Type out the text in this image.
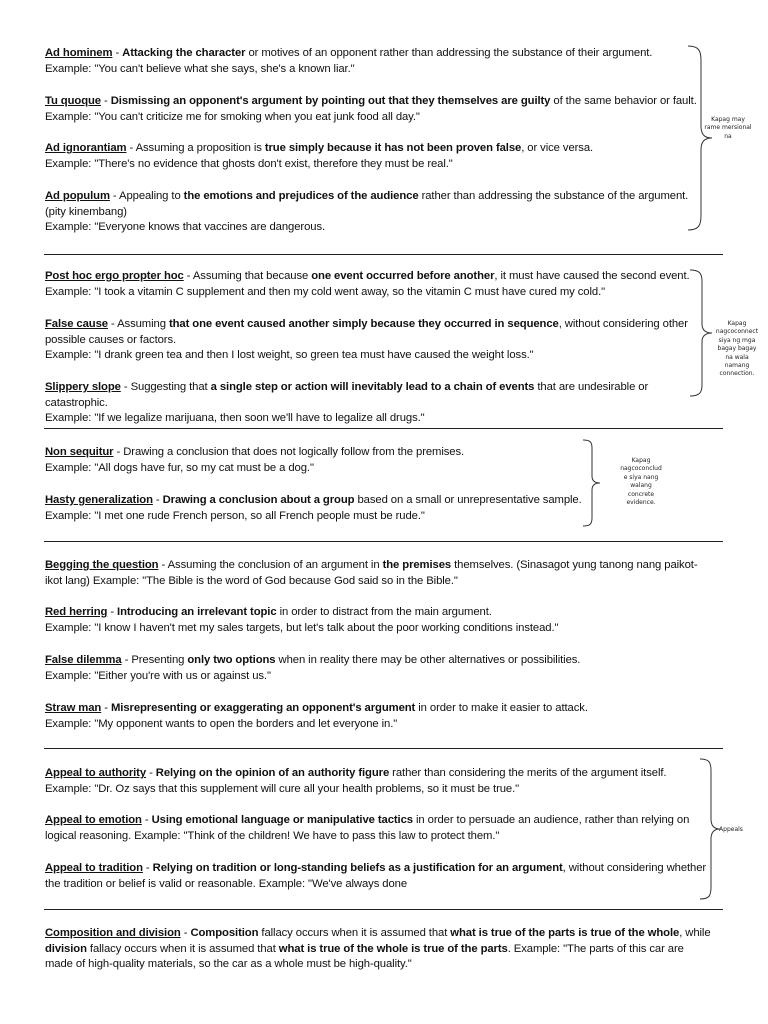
Ad hominem - Attacking the character or motives of an opponent rather than addressing the substance of their argument.

Example: "You can't believe what she says, she's a known liar."

Tu quoque - Dismissing an opponent's argument by pointing out that they themselves are guilty of the same behavior or fault.

Example: "You can't criticize me for smoking when you eat junk food all day."

Ad ignorantiam - Assuming a proposition is true simply because it has not been proven false, or vice versa.

Example: "There's no evidence that ghosts don't exist, therefore they must be real."

Ad populum - Appealing to the emotions and prejudices of the audience rather than addressing the substance of the argument.

(pity kinembang)

Example: "Everyone knows that vaccines are dangerous.

Kapag may
rame mersional
na

Post hoc ergo propter hoc - Assuming that because one event occurred before another, it must have caused the second event.

Example: "I took a vitamin C supplement and then my cold went away, so the vitamin C must have cured my cold."

False cause - Assuming that one event caused another simply because they occurred in sequence, without considering other possible causes or factors.

Example: "I drank green tea and then I lost weight, so green tea must have caused the weight loss."

Slippery slope - Suggesting that a single step or action will inevitably lead to a chain of events that are undesirable or catastrophic.

Example: "If we legalize marijuana, then soon we'll have to legalize all drugs."

Kapag
nagcoconnect
siya ng mga
bagay bagay
na wala
namang
connection.

Non sequitur - Drawing a conclusion that does not logically follow from the premises.

Example: "All dogs have fur, so my cat must be a dog."

Hasty generalization - Drawing a conclusion about a group based on a small or unrepresentative sample.

Example: "I met one rude French person, so all French people must be rude."

Kapag
nagcoconclud
e siya nang
walang
concrete
evidence.

Begging the question - Assuming the conclusion of an argument in the premises themselves. (Sinasagot yung tanong nang paikot-ikot lang) Example: "The Bible is the word of God because God said so in the Bible."

Red herring - Introducing an irrelevant topic in order to distract from the main argument.

Example: "I know I haven't met my sales targets, but let's talk about the poor working conditions instead."

False dilemma - Presenting only two options when in reality there may be other alternatives or possibilities.

Example: "Either you're with us or against us."

Straw man - Misrepresenting or exaggerating an opponent's argument in order to make it easier to attack.

Example: "My opponent wants to open the borders and let everyone in."

Appeal to authority - Relying on the opinion of an authority figure rather than considering the merits of the argument itself.

Example: "Dr. Oz says that this supplement will cure all your health problems, so it must be true."

Appeal to emotion - Using emotional language or manipulative tactics in order to persuade an audience, rather than relying on logical reasoning. Example: "Think of the children! We have to pass this law to protect them."

Appeal to tradition - Relying on tradition or long-standing beliefs as a justification for an argument, without considering whether the tradition or belief is valid or reasonable. Example: "We've always done

Appeals

Composition and division - Composition fallacy occurs when it is assumed that what is true of the parts is true of the whole, while division fallacy occurs when it is assumed that what is true of the whole is true of the parts. Example: "The parts of this car are made of high-quality materials, so the car as a whole must be high-quality."
